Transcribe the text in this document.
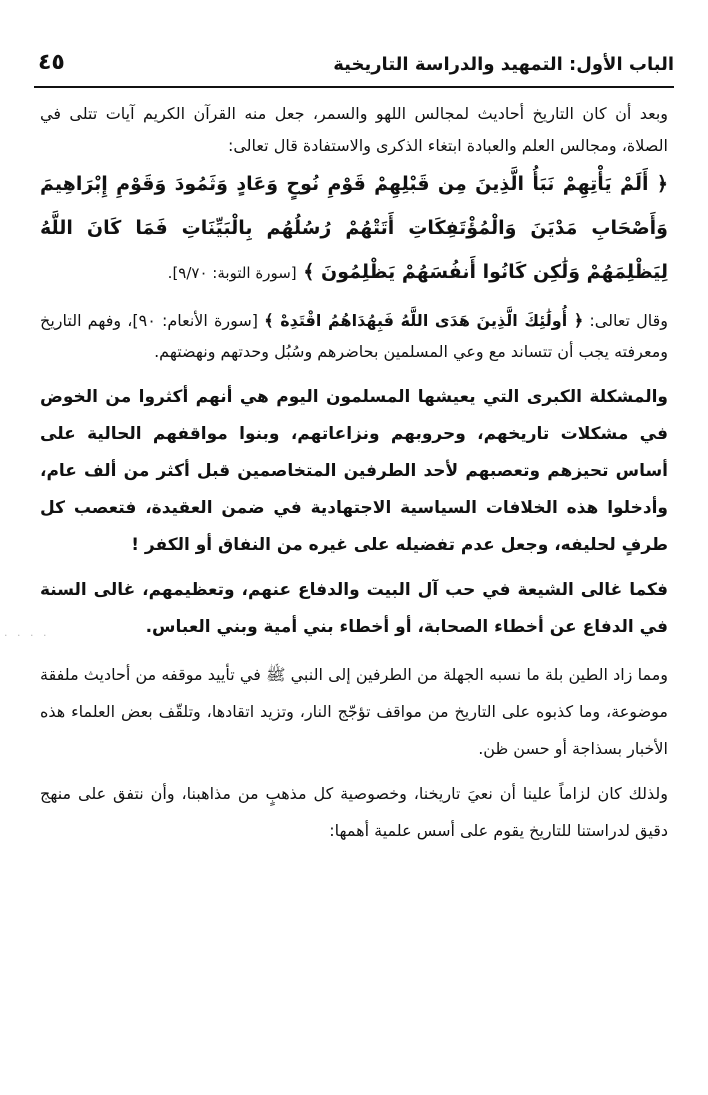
الباب الأول: التمهيد والدراسة التاريخية
٤٥

وبعد أن كان التاريخ أحاديث لمجالس اللهو والسمر، جعل منه القرآن الكريم آيات تتلى في الصلاة، ومجالس العلم والعبادة ابتغاء الذكرى والاستفادة قال تعالى:

﴿ أَلَمْ يَأْتِهِمْ نَبَأُ الَّذِينَ مِن قَبْلِهِمْ قَوْمِ نُوحٍ وَعَادٍ وَثَمُودَ وَقَوْمِ إِبْرَاهِيمَ وَأَصْحَابِ مَدْيَنَ وَالْمُؤْتَفِكَاتِ أَتَتْهُمْ رُسُلُهُم بِالْبَيِّنَاتِ فَمَا كَانَ اللَّهُ لِيَظْلِمَهُمْ وَلَٰكِن كَانُوا أَنفُسَهُمْ يَظْلِمُونَ ﴾ [سورة التوبة: ٩/٧٠].

وقال تعالى: ﴿ أُولَٰئِكَ الَّذِينَ هَدَى اللَّهُ فَبِهُدَاهُمُ اقْتَدِهْ ﴾ [سورة الأنعام: ٩٠]، وفهم التاريخ ومعرفته يجب أن تتساند مع وعي المسلمين بحاضرهم وسُبُل وحدتهم ونهضتهم.

والمشكلة الكبرى التي يعيشها المسلمون اليوم هي أنهم أكثروا من الخوض في مشكلات تاريخهم، وحروبهم ونزاعاتهم، وبنوا مواقفهم الحالية على أساس تحيزهم وتعصبهم لأحد الطرفين المتخاصمين قبل أكثر من ألف عام، وأدخلوا هذه الخلافات السياسية الاجتهادية في ضمن العقيدة، فتعصب كل طرفٍ لحليفه، وجعل عدم تفضيله على غيره من النفاق أو الكفر !

فكما غالى الشيعة في حب آل البيت والدفاع عنهم، وتعظيمهم، غالى السنة في الدفاع عن أخطاء الصحابة، أو أخطاء بني أمية وبني العباس.

ومما زاد الطين بلة ما نسبه الجهلة من الطرفين إلى النبي ﷺ في تأييد موقفه من أحاديث ملفقة موضوعة، وما كذبوه على التاريخ من مواقف تؤجّج النار، وتزيد اتقادها، وتلقّف بعض العلماء هذه الأخبار بسذاجة أو حسن ظن.

ولذلك كان لزاماً علينا أن نعيَ تاريخنا، وخصوصية كل مذهبٍ من مذاهبنا، وأن نتفق على منهج دقيق لدراستنا للتاريخ يقوم على أسس علمية أهمها:

. . . .
